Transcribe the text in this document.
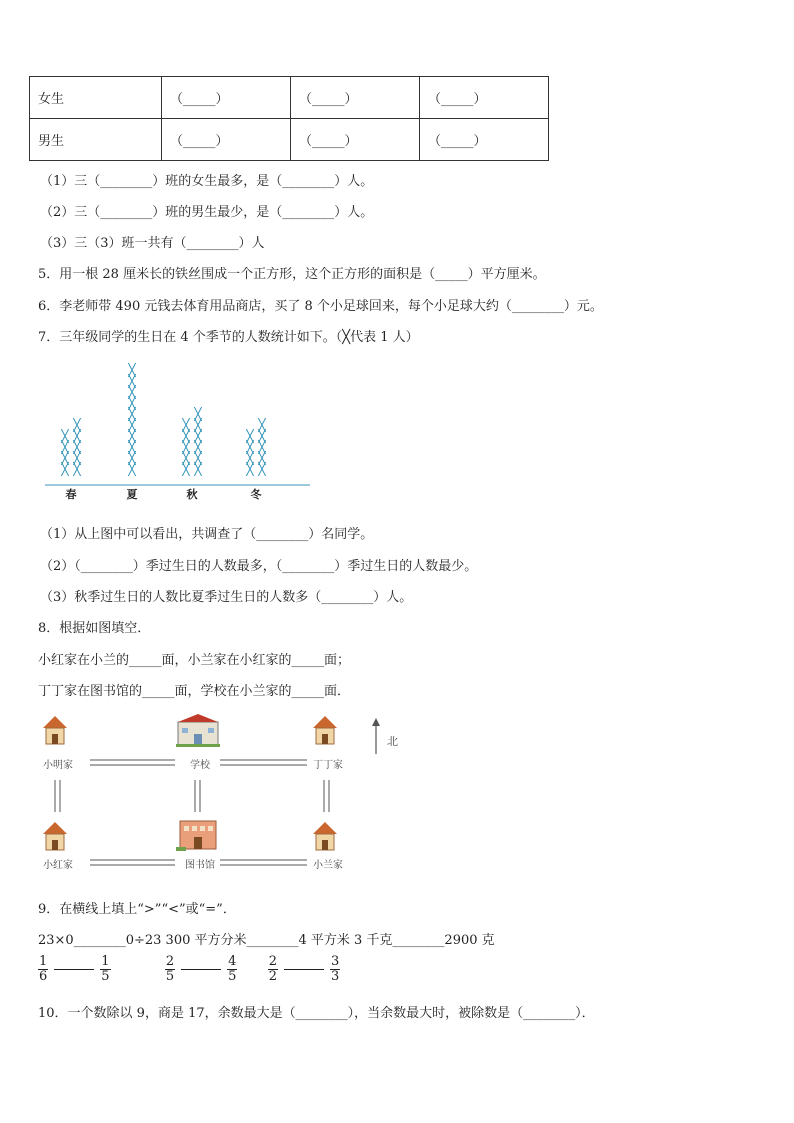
女生	（_____）	（_____）	（_____）
男生	（_____）	（_____）	（_____）
（1）三（________）班的女生最多，是（________）人。
（2）三（________）班的男生最少，是（________）人。
（3）三（3）班一共有（________）人
5．用一根 28 厘米长的铁丝围成一个正方形，这个正方形的面积是（_____）平方厘米。
6．李老师带 490 元钱去体育用品商店，买了 8 个小足球回来，每个小足球大约（________）元。
7．三年级同学的生日在 4 个季节的人数统计如下。（╳代表 1 人）
╳
╳
╳
╳
╳
╳
╳
╳
╳
╳
╳
╳
╳
╳
╳
╳
╳
╳
╳
╳
╳
╳
╳
╳
╳
╳
╳
╳
╳
╳
╳
╳
╳
╳
╳
╳
╳
╳
╳
春	夏	秋	冬
（1）从上图中可以看出，共调查了（________）名同学。
（2）（________）季过生日的人数最多，（________）季过生日的人数最少。
（3）秋季过生日的人数比夏季过生日的人数多（________）人。
8．根据如图填空．
小红家在小兰的_____面，小兰家在小红家的_____面；
丁丁家在图书馆的_____面，学校在小兰家的_____面．
北
小明家	学校	丁丁家
小红家	图书馆	小兰家
9．在横线上填上“>”“<”或“=”．
23×0________0÷23 300 平方分米________4 平方米 3 千克________2900 克
$\frac{1}{6}$	$\frac{1}{5}$
	$\frac{2}{5}$	$\frac{4}{5}$
$\frac{2}{2}$	$\frac{3}{3}$
10．一个数除以 9，商是 17，余数最大是（________），当余数最大时，被除数是（________）．
